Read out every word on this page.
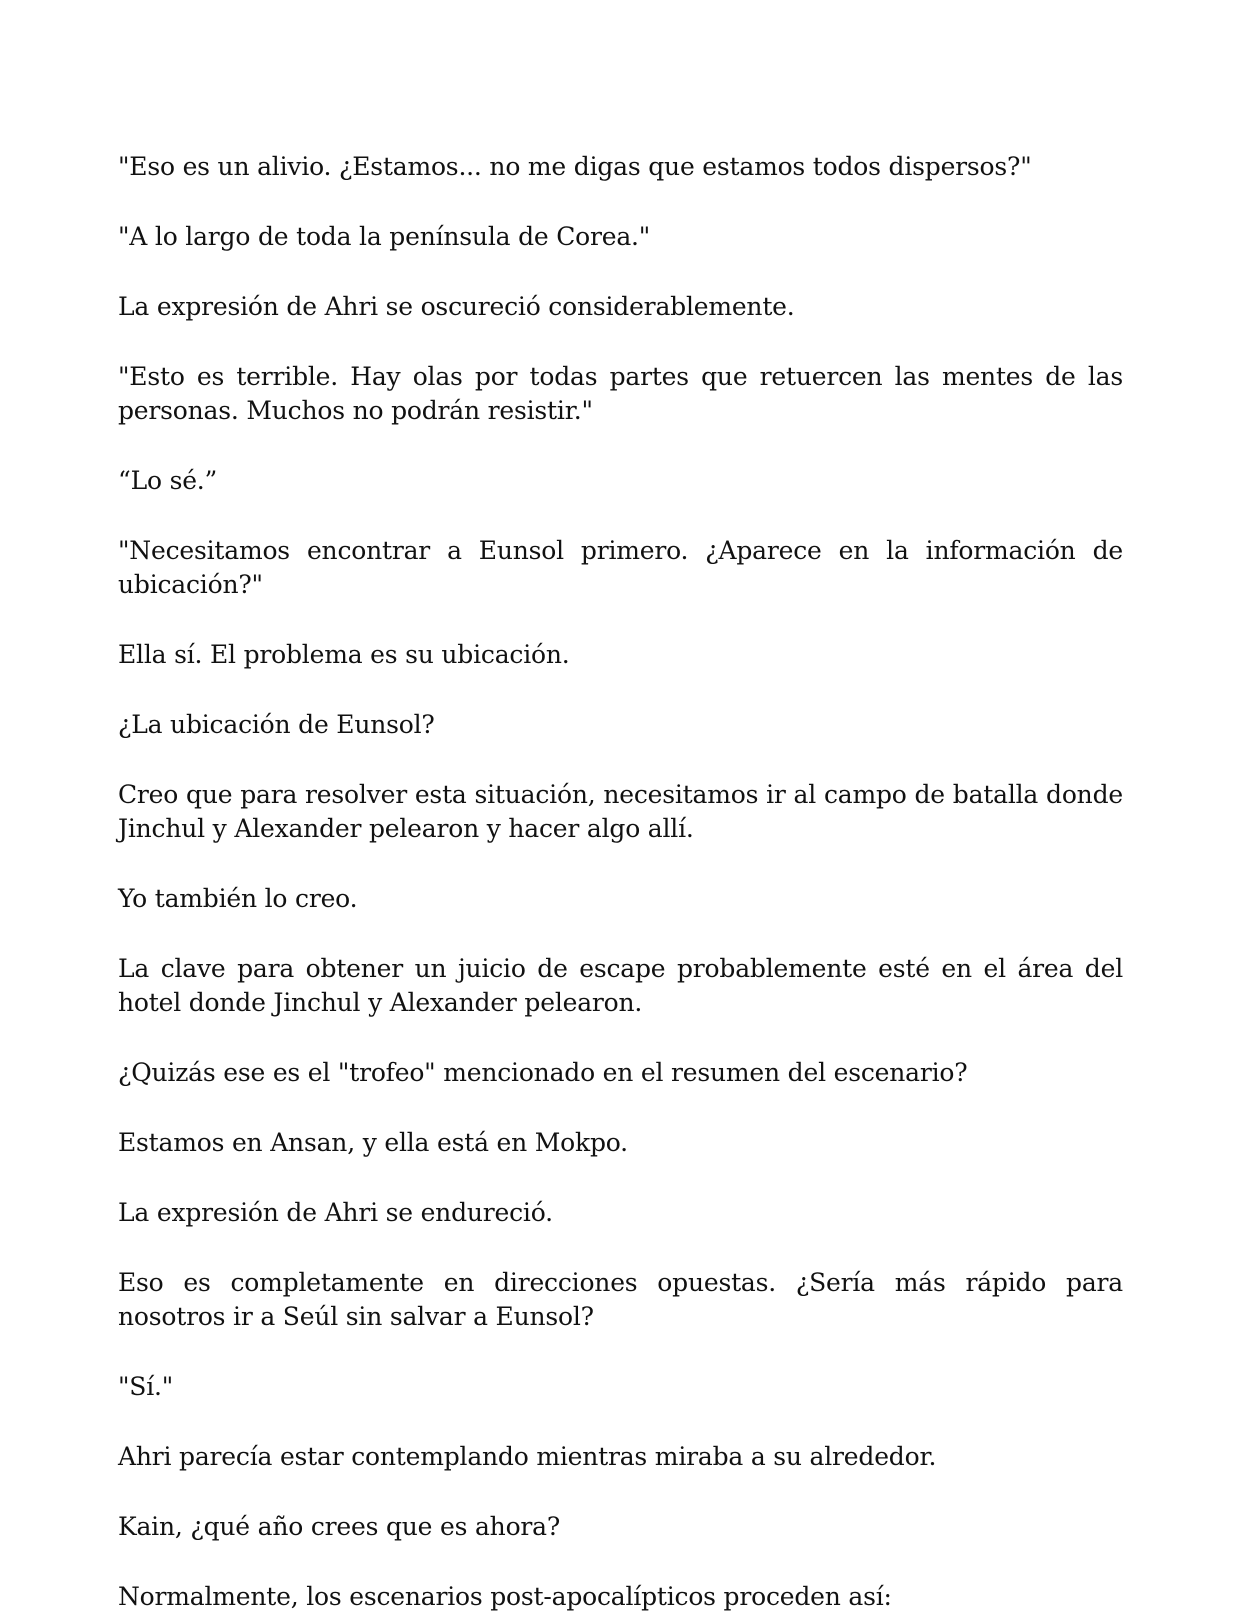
"Eso es un alivio. ¿Estamos... no me digas que estamos todos dispersos?"

"A lo largo de toda la península de Corea."

La expresión de Ahri se oscureció considerablemente.

"Esto es terrible. Hay olas por todas partes que retuercen las mentes de las personas. Muchos no podrán resistir."

“Lo sé.”

"Necesitamos encontrar a Eunsol primero. ¿Aparece en la información de ubicación?"

Ella sí. El problema es su ubicación.

¿La ubicación de Eunsol?

Creo que para resolver esta situación, necesitamos ir al campo de batalla donde Jinchul y Alexander pelearon y hacer algo allí.

Yo también lo creo.

La clave para obtener un juicio de escape probablemente esté en el área del hotel donde Jinchul y Alexander pelearon.

¿Quizás ese es el "trofeo" mencionado en el resumen del escenario?

Estamos en Ansan, y ella está en Mokpo.

La expresión de Ahri se endureció.

Eso es completamente en direcciones opuestas. ¿Sería más rápido para nosotros ir a Seúl sin salvar a Eunsol?

"Sí."

Ahri parecía estar contemplando mientras miraba a su alrededor.

Kain, ¿qué año crees que es ahora?

Normalmente, los escenarios post-apocalípticos proceden así:
